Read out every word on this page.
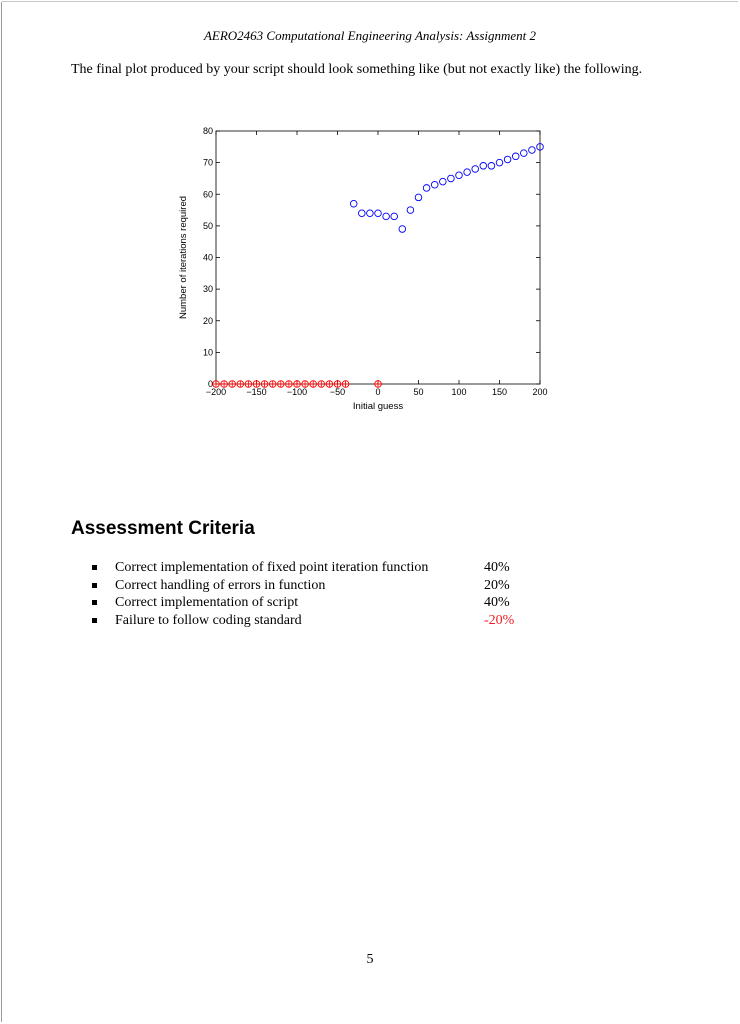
AERO2463 Computational Engineering Analysis: Assignment 2
The final plot produced by your script should look something like (but not exactly like) the following.
−200 −150 −100	−50	0	50	100	150	200
0
10
20
30
40
50
60
70
80
Initial guess
Number of iterations required
Assessment Criteria
Correct implementation of fixed point iteration function	40%
Correct handling of errors in function	20%
Correct implementation of script	40%
Failure to follow coding standard	-20%
5
